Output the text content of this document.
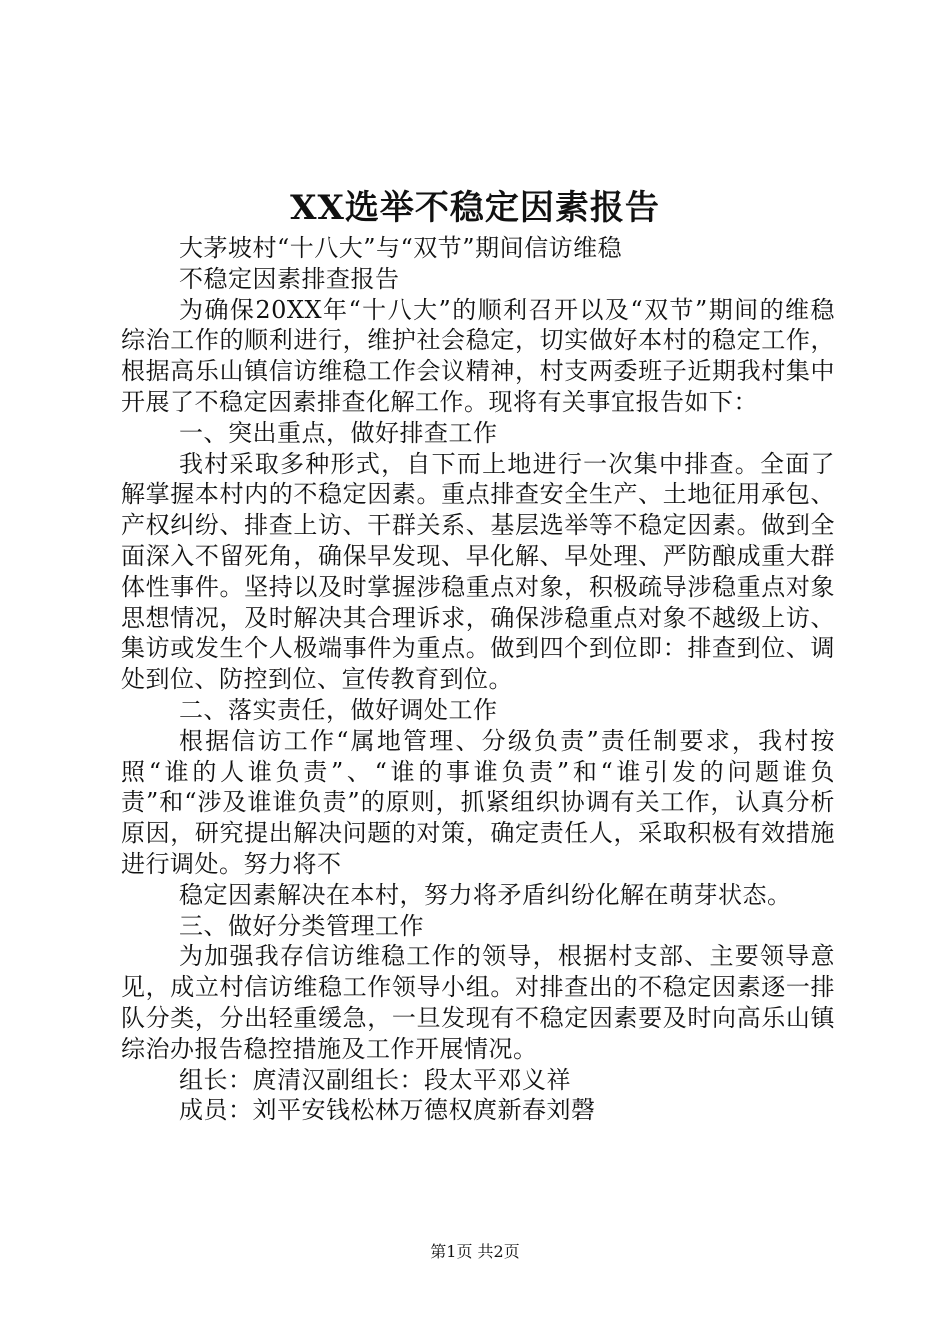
XX选举不稳定因素报告

大茅坡村“十八大”与“双节”期间信访维稳

不稳定因素排查报告

为确保20XX年“十八大”的顺利召开以及“双节”期间的维稳综治工作的顺利进行，维护社会稳定，切实做好本村的稳定工作，根据高乐山镇信访维稳工作会议精神，村支两委班子近期我村集中开展了不稳定因素排查化解工作。现将有关事宜报告如下：

一、突出重点，做好排查工作

我村采取多种形式，自下而上地进行一次集中排查。全面了解掌握本村内的不稳定因素。重点排查安全生产、土地征用承包、产权纠纷、排查上访、干群关系、基层选举等不稳定因素。做到全面深入不留死角，确保早发现、早化解、早处理、严防酿成重大群体性事件。坚持以及时掌握涉稳重点对象，积极疏导涉稳重点对象思想情况，及时解决其合理诉求，确保涉稳重点对象不越级上访、集访或发生个人极端事件为重点。做到四个到位即：排查到位、调处到位、防控到位、宣传教育到位。

二、落实责任，做好调处工作

根据信访工作“属地管理、分级负责”责任制要求，我村按照“谁的人谁负责”、“谁的事谁负责”和“谁引发的问题谁负责”和“涉及谁谁负责”的原则，抓紧组织协调有关工作，认真分析原因，研究提出解决问题的对策，确定责任人，采取积极有效措施进行调处。努力将不

稳定因素解决在本村，努力将矛盾纠纷化解在萌芽状态。

三、做好分类管理工作

为加强我存信访维稳工作的领导，根据村支部、主要领导意见，成立村信访维稳工作领导小组。对排查出的不稳定因素逐一排队分类，分出轻重缓急，一旦发现有不稳定因素要及时向高乐山镇综治办报告稳控措施及工作开展情况。

组长：庹清汉副组长：段太平邓义祥

成员：刘平安钱松林万德权庹新春刘磬

第1页 共2页
